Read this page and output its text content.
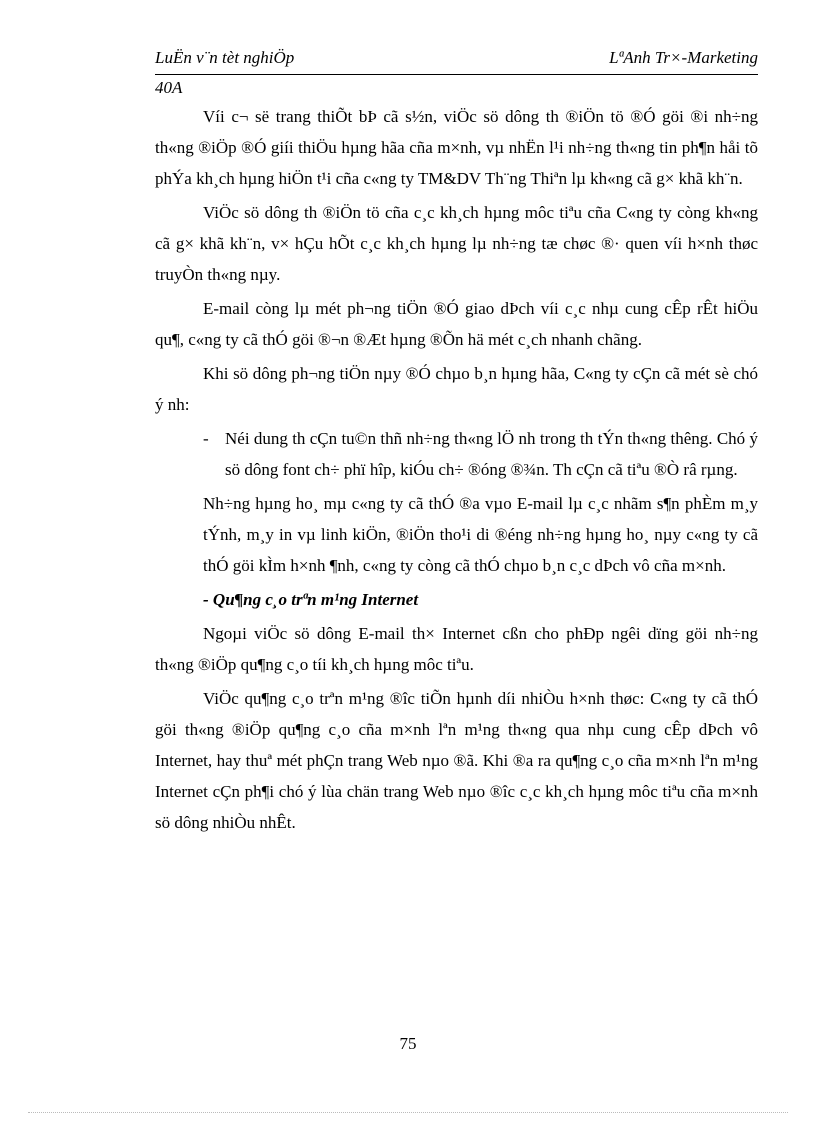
LuËn v¨n tèt nghiÖp	LªAnh Tr×-Marketing
40A

Víi c¬ së trang thiÕt bÞ cã s½n, viÖc sö dông th ®iÖn tö ®Ó göi ®i nh÷ng th«ng ®iÖp ®Ó giíi thiÖu hµng hãa cña m×nh, vµ nhËn l¹i nh÷ng th«ng tin ph¶n håi tõ phÝa kh¸ch hµng hiÖn t¹i cña c«ng ty TM&DV Th¨ng Thiªn lµ kh«ng cã g× khã kh¨n.

ViÖc sö dông th ®iÖn tö cña c¸c kh¸ch hµng môc tiªu cña C«ng ty còng kh«ng cã g× khã kh¨n, v× hÇu hÕt c¸c kh¸ch hµng lµ nh÷ng tæ chøc ®· quen víi h×nh thøc truyÒn th«ng nµy.

E-mail còng lµ mét ph¬ng tiÖn ®Ó giao dÞch víi c¸c nhµ cung cÊp rÊt hiÖu qu¶, c«ng ty cã thÓ göi ®¬n ®Æt hµng ®Õn hä mét c¸ch nhanh chãng.

Khi sö dông ph¬ng tiÖn nµy ®Ó chµo b¸n hµng hãa, C«ng ty cÇn cã mét sè chó ý nh:

- Néi dung th cÇn tu©n thñ nh÷ng th«ng lÖ nh trong th tÝn th«ng thêng. Chó ý sö dông font ch÷ phï hîp, kiÓu ch÷ ®óng ®¾n. Th cÇn cã tiªu ®Ò râ rµng.
Nh÷ng hµng ho¸ mµ c«ng ty cã thÓ ®a vµo E-mail lµ c¸c nhãm s¶n phÈm m¸y tÝnh, m¸y in vµ linh kiÖn, ®iÖn tho¹i di ®éng nh÷ng hµng ho¸ nµy c«ng ty cã thÓ göi kÌm h×nh ¶nh, c«ng ty còng cã thÓ chµo b¸n c¸c dÞch vô cña m×nh.
- Qu¶ng c¸o trªn m¹ng Internet

Ngoµi viÖc sö dông E-mail th× Internet cßn cho phÐp ngêi dïng göi nh÷ng th«ng ®iÖp qu¶ng c¸o tíi kh¸ch hµng môc tiªu.

ViÖc qu¶ng c¸o trªn m¹ng ®îc tiÕn hµnh díi nhiÒu h×nh thøc: C«ng ty cã thÓ göi th«ng ®iÖp qu¶ng c¸o cña m×nh lªn m¹ng th«ng qua nhµ cung cÊp dÞch vô Internet, hay thuª mét phÇn trang Web nµo ®ã. Khi ®a ra qu¶ng c¸o cña m×nh lªn m¹ng Internet cÇn ph¶i chó ý lùa chän trang Web nµo ®îc c¸c kh¸ch hµng môc tiªu cña m×nh sö dông nhiÒu nhÊt.

75
